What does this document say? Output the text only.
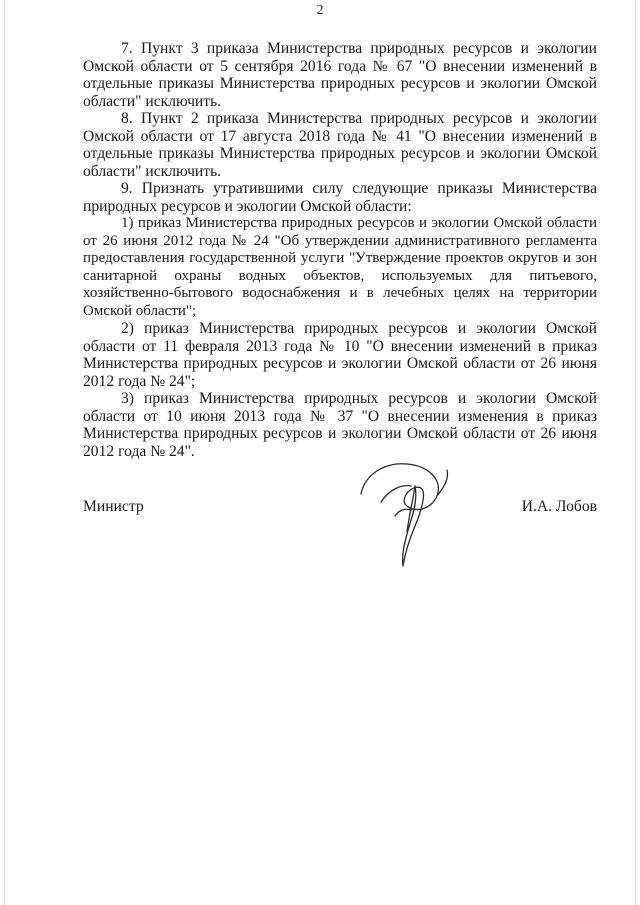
2

7. Пункт 3 приказа Министерства природных ресурсов и экологии Омской области от 5 сентября 2016 года № 67 "О внесении изменений в отдельные приказы Министерства природных ресурсов и экологии Омской области" исключить.

8. Пункт 2 приказа Министерства природных ресурсов и экологии Омской области от 17 августа 2018 года № 41 "О внесении изменений в отдельные приказы Министерства природных ресурсов и экологии Омской области" исключить.

9. Признать утратившими силу следующие приказы Министерства природных ресурсов и экологии Омской области:

1) приказ Министерства природных ресурсов и экологии Омской области от 26 июня 2012 года № 24 "Об утверждении административного регламента предоставления государственной услуги "Утверждение проектов округов и зон санитарной охраны водных объектов, используемых для питьевого, хозяйственно-бытового водоснабжения и в лечебных целях на территории Омской области";

2) приказ Министерства природных ресурсов и экологии Омской области от 11 февраля 2013 года № 10 "О внесении изменений в приказ Министерства природных ресурсов и экологии Омской области от 26 июня 2012 года № 24";

3) приказ Министерства природных ресурсов и экологии Омской области от 10 июня 2013 года № 37 "О внесении изменения в приказ Министерства природных ресурсов и экологии Омской области от 26 июня 2012 года № 24".

Министр	И.А. Лобов
